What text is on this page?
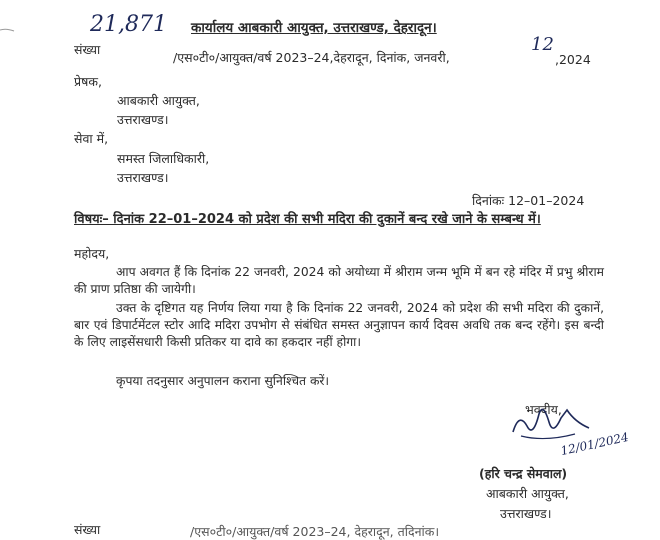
21,871 कार्यालय आबकारी आयुक्त, उत्तराखण्ड, देहरादून।
संख्या
/एस०टी०/आयुक्त/वर्ष 2023–24,देहरादून, दिनांक, जनवरी,
12
,2024
प्रेषक,
आबकारी आयुक्त,
उत्तराखण्ड।
सेवा में,
समस्त जिलाधिकारी,
उत्तराखण्ड।
दिनांकः 12–01–2024
विषयः– दिनांक 22–01–2024 को प्रदेश की सभी मदिरा की दुकानें बन्द रखे जाने के सम्बन्ध में।
महोदय,
आप अवगत हैं कि दिनांक 22 जनवरी, 2024 को अयोध्या में श्रीराम जन्म भूमि में बन रहे मंदिर में प्रभु श्रीराम की प्राण प्रतिष्ठा की जायेगी।
उक्त के दृष्टिगत यह निर्णय लिया गया है कि दिनांक 22 जनवरी, 2024 को प्रदेश की सभी मदिरा की दुकानें, बार एवं डिपार्टमेंटल स्टोर आदि मदिरा उपभोग से संबंधित समस्त अनुज्ञापन कार्य दिवस अवधि तक बन्द रहेंगे। इस बन्दी के लिए लाइसेंसधारी किसी प्रतिकर या दावे का हकदार नहीं होगा।
कृपया तदनुसार अनुपालन कराना सुनिश्चित करें।
भवदीय,
12/01/2024
(हरि चन्द्र सेमवाल)
आबकारी आयुक्त,
उत्तराखण्ड।
संख्या	/एस०टी०/आयुक्त/वर्ष 2023–24, देहरादून, तदिनांक।
